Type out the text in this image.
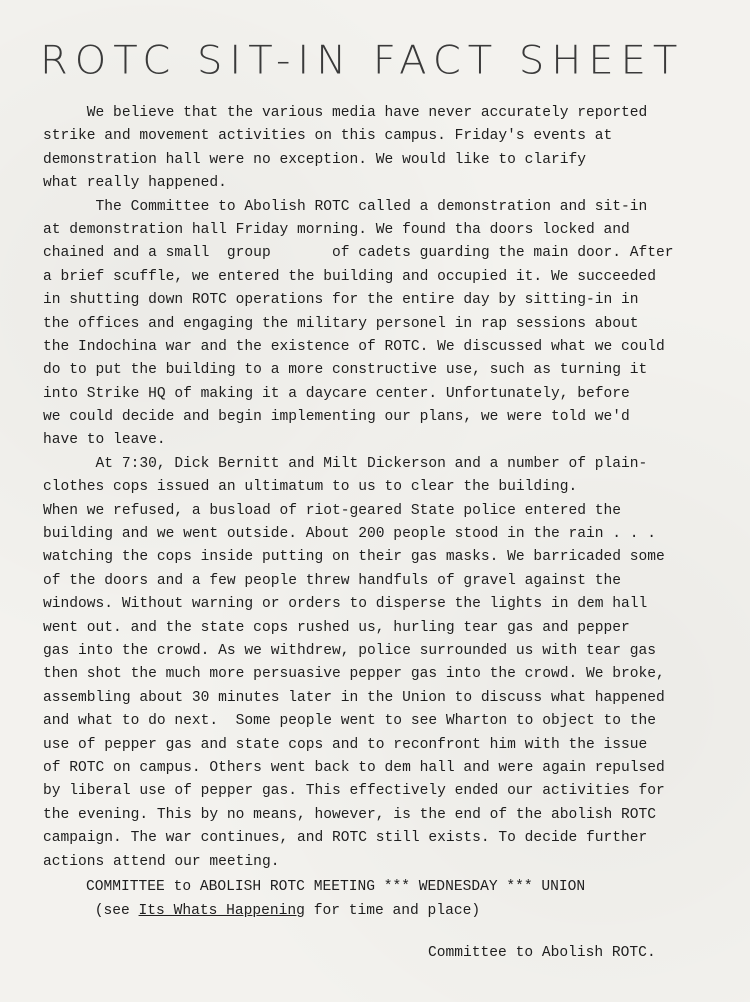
ROTC SIT-IN FACT SHEET
We believe that the various media have never accurately reported
strike and movement activities on this campus. Friday's events at
demonstration hall were no exception. We would like to clarify
what really happened.
The Committee to Abolish ROTC called a demonstration and sit-in
at demonstration hall Friday morning. We found tha doors locked and
chained and a small  group       of cadets guarding the main door. After
a brief scuffle, we entered the building and occupied it. We succeeded
in shutting down ROTC operations for the entire day by sitting-in in
the offices and engaging the military personel in rap sessions about
the Indochina war and the existence of ROTC. We discussed what we could
do to put the building to a more constructive use, such as turning it
into Strike HQ of making it a daycare center. Unfortunately, before
we could decide and begin implementing our plans, we were told we'd
have to leave.
At 7:30, Dick Bernitt and Milt Dickerson and a number of plain-
clothes cops issued an ultimatum to us to clear the building.
When we refused, a busload of riot-geared State police entered the
building and we went outside. About 200 people stood in the rain . . .
watching the cops inside putting on their gas masks. We barricaded some
of the doors and a few people threw handfuls of gravel against the
windows. Without warning or orders to disperse the lights in dem hall
went out. and the state cops rushed us, hurling tear gas and pepper
gas into the crowd. As we withdrew, police surrounded us with tear gas
then shot the much more persuasive pepper gas into the crowd. We broke,
assembling about 30 minutes later in the Union to discuss what happened
and what to do next.  Some people went to see Wharton to object to the
use of pepper gas and state cops and to reconfront him with the issue
of ROTC on campus. Others went back to dem hall and were again repulsed
by liberal use of pepper gas. This effectively ended our activities for
the evening. This by no means, however, is the end of the abolish ROTC
campaign. The war continues, and ROTC still exists. To decide further
actions attend our meeting.
COMMITTEE to ABOLISH ROTC MEETING *** WEDNESDAY *** UNION
(see Its Whats Happening for time and place)
Committee to Abolish ROTC.
